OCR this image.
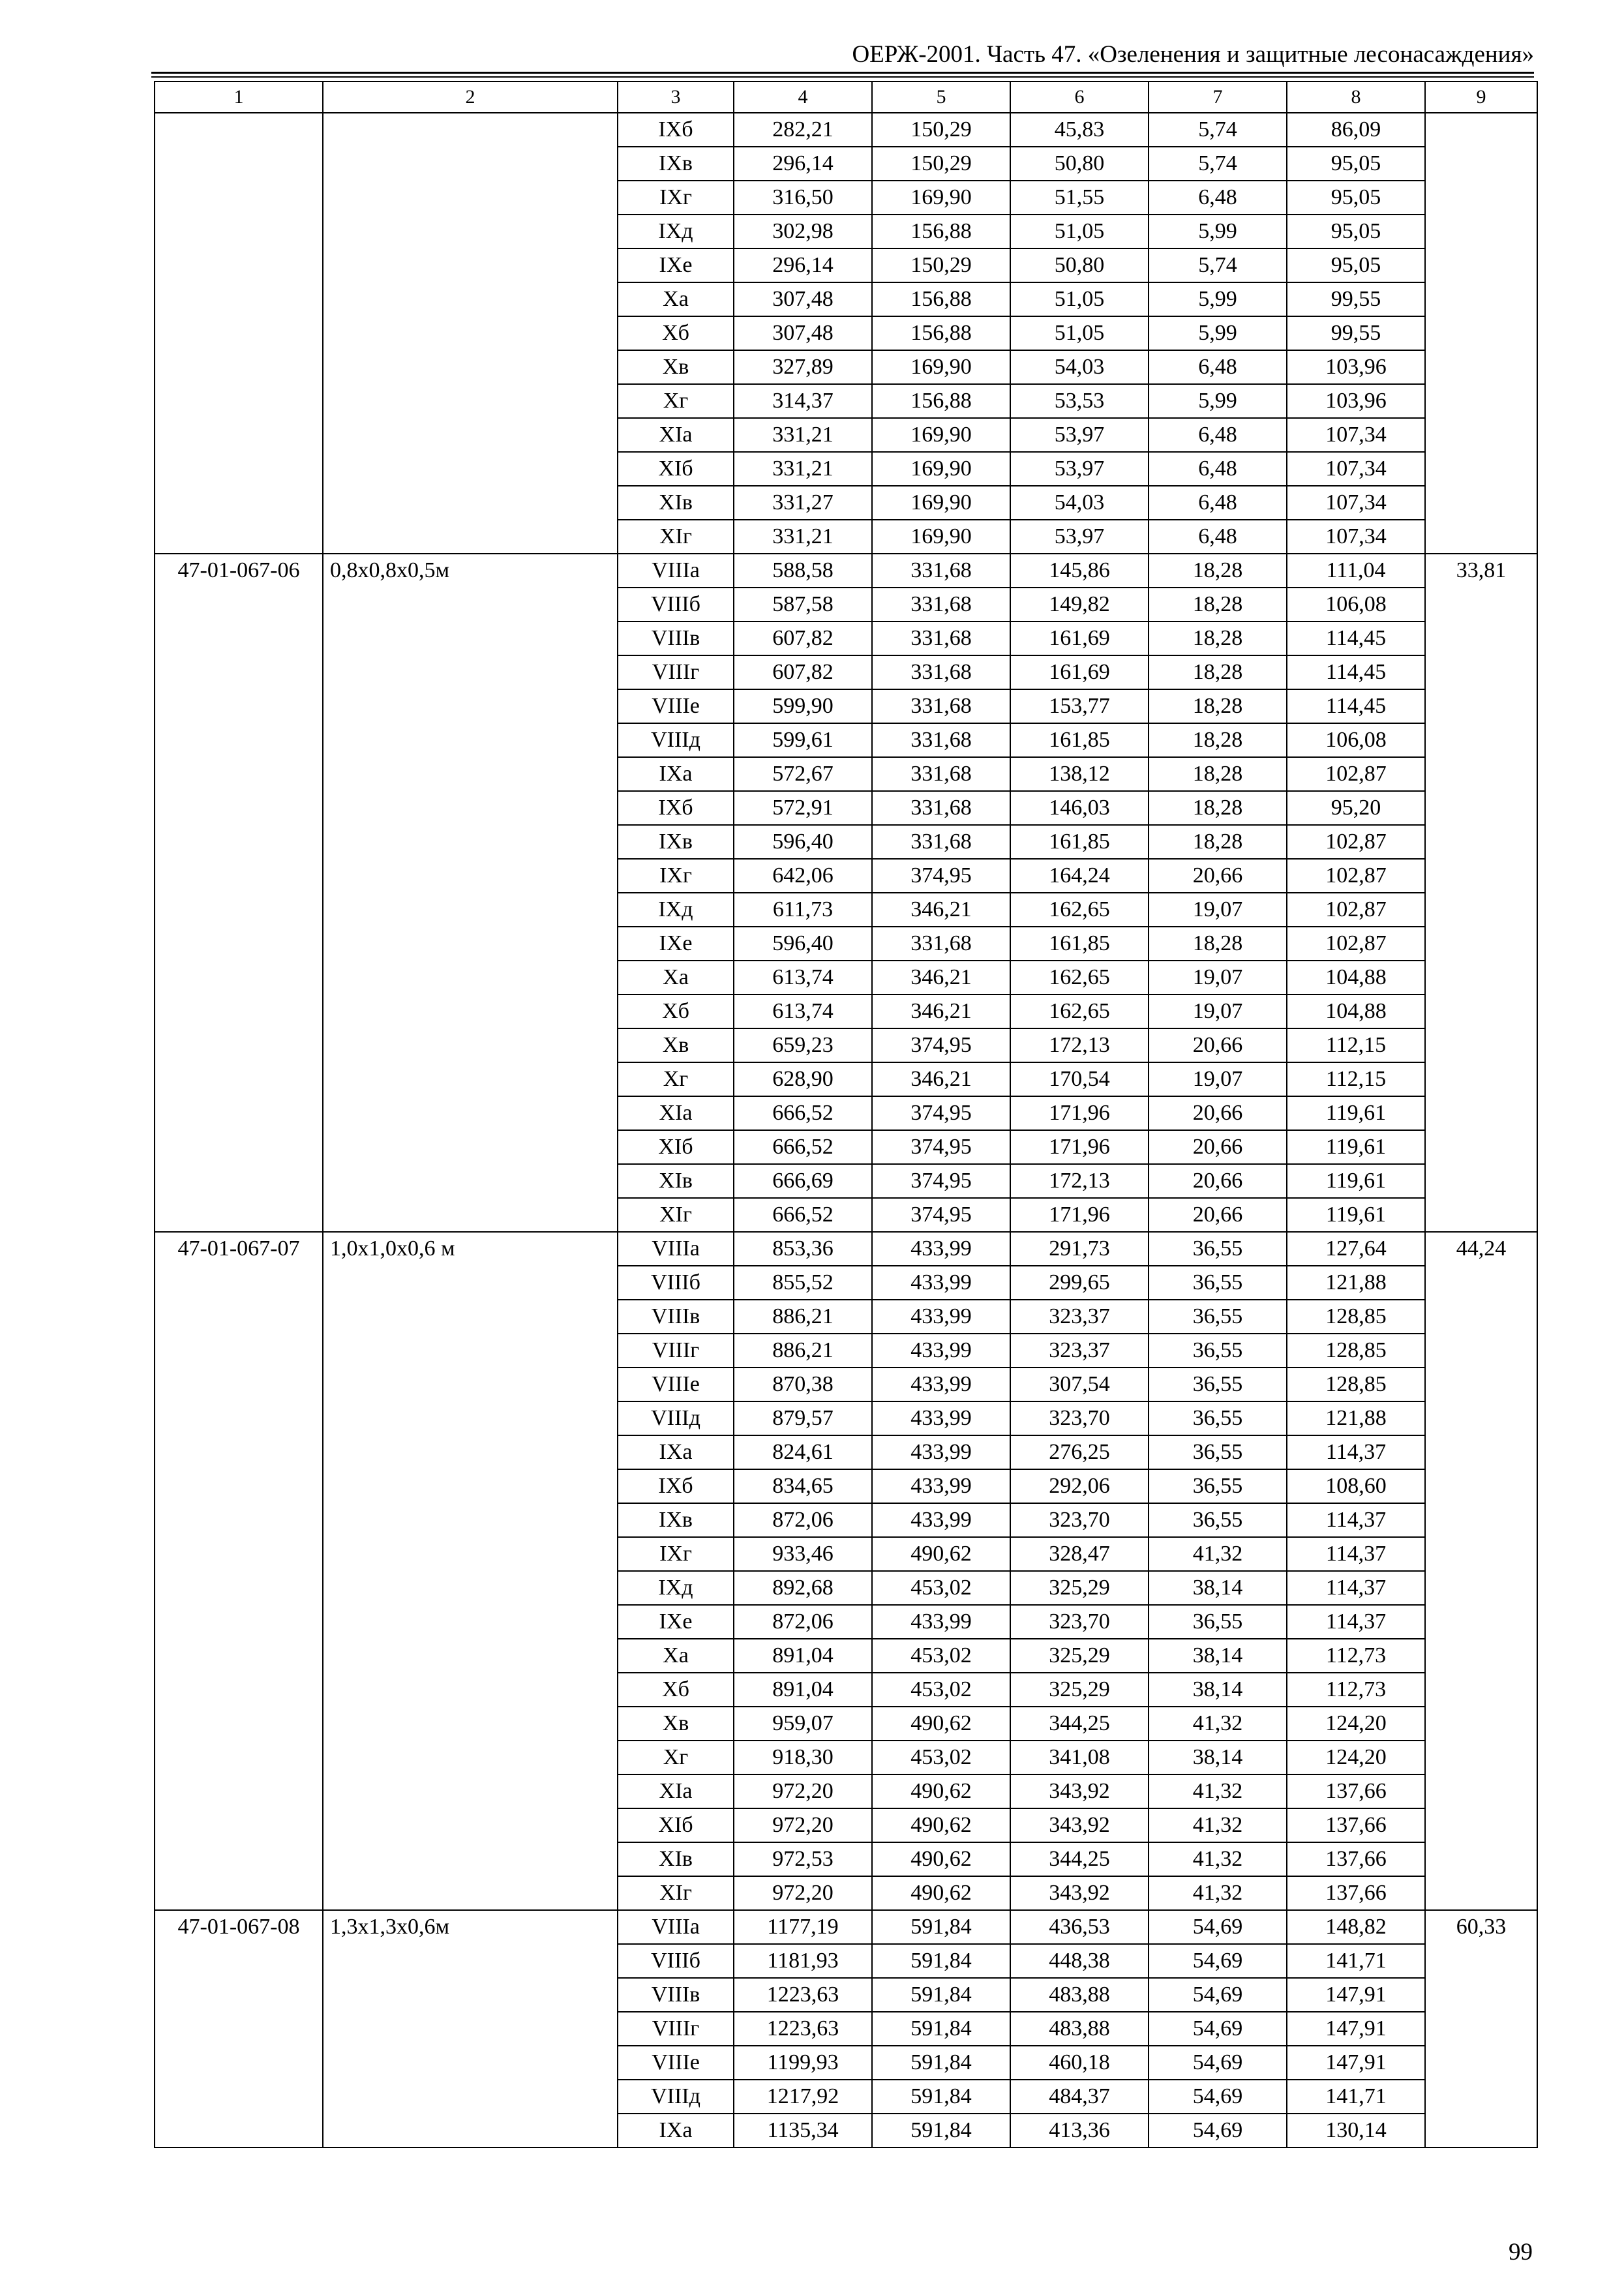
ОЕРЖ-2001. Часть 47. «Озеленения и защитные лесонасаждения»
1	2	3	4	5	6	7	8	9
		IXб	282,21	150,29	45,83	5,74	86,09	
		IXв	296,14	150,29	50,80	5,74	95,05	
		IXг	316,50	169,90	51,55	6,48	95,05	
		IXд	302,98	156,88	51,05	5,99	95,05	
		IXе	296,14	150,29	50,80	5,74	95,05	
		Xа	307,48	156,88	51,05	5,99	99,55	
		Xб	307,48	156,88	51,05	5,99	99,55	
		Xв	327,89	169,90	54,03	6,48	103,96	
		Xг	314,37	156,88	53,53	5,99	103,96	
		XIа	331,21	169,90	53,97	6,48	107,34	
		XIб	331,21	169,90	53,97	6,48	107,34	
		XIв	331,27	169,90	54,03	6,48	107,34	
		XIг	331,21	169,90	53,97	6,48	107,34	
47-01-067-06	0,8х0,8х0,5м	VIIIа	588,58	331,68	145,86	18,28	111,04	33,81
		VIIIб	587,58	331,68	149,82	18,28	106,08	
		VIIIв	607,82	331,68	161,69	18,28	114,45	
		VIIIг	607,82	331,68	161,69	18,28	114,45	
		VIIIе	599,90	331,68	153,77	18,28	114,45	
		VIIIд	599,61	331,68	161,85	18,28	106,08	
		IXа	572,67	331,68	138,12	18,28	102,87	
		IXб	572,91	331,68	146,03	18,28	95,20	
		IXв	596,40	331,68	161,85	18,28	102,87	
		IXг	642,06	374,95	164,24	20,66	102,87	
		IXд	611,73	346,21	162,65	19,07	102,87	
		IXе	596,40	331,68	161,85	18,28	102,87	
		Xа	613,74	346,21	162,65	19,07	104,88	
		Xб	613,74	346,21	162,65	19,07	104,88	
		Xв	659,23	374,95	172,13	20,66	112,15	
		Xг	628,90	346,21	170,54	19,07	112,15	
		XIа	666,52	374,95	171,96	20,66	119,61	
		XIб	666,52	374,95	171,96	20,66	119,61	
		XIв	666,69	374,95	172,13	20,66	119,61	
		XIг	666,52	374,95	171,96	20,66	119,61	
47-01-067-07	1,0х1,0х0,6 м	VIIIа	853,36	433,99	291,73	36,55	127,64	44,24
		VIIIб	855,52	433,99	299,65	36,55	121,88	
		VIIIв	886,21	433,99	323,37	36,55	128,85	
		VIIIг	886,21	433,99	323,37	36,55	128,85	
		VIIIе	870,38	433,99	307,54	36,55	128,85	
		VIIIд	879,57	433,99	323,70	36,55	121,88	
		IXа	824,61	433,99	276,25	36,55	114,37	
		IXб	834,65	433,99	292,06	36,55	108,60	
		IXв	872,06	433,99	323,70	36,55	114,37	
		IXг	933,46	490,62	328,47	41,32	114,37	
		IXд	892,68	453,02	325,29	38,14	114,37	
		IXе	872,06	433,99	323,70	36,55	114,37	
		Xа	891,04	453,02	325,29	38,14	112,73	
		Xб	891,04	453,02	325,29	38,14	112,73	
		Xв	959,07	490,62	344,25	41,32	124,20	
		Xг	918,30	453,02	341,08	38,14	124,20	
		XIа	972,20	490,62	343,92	41,32	137,66	
		XIб	972,20	490,62	343,92	41,32	137,66	
		XIв	972,53	490,62	344,25	41,32	137,66	
		XIг	972,20	490,62	343,92	41,32	137,66	
47-01-067-08	1,3х1,3х0,6м	VIIIа	1177,19	591,84	436,53	54,69	148,82	60,33
		VIIIб	1181,93	591,84	448,38	54,69	141,71	
		VIIIв	1223,63	591,84	483,88	54,69	147,91	
		VIIIг	1223,63	591,84	483,88	54,69	147,91	
		VIIIе	1199,93	591,84	460,18	54,69	147,91	
		VIIIд	1217,92	591,84	484,37	54,69	141,71	
		IXа	1135,34	591,84	413,36	54,69	130,14	
99
